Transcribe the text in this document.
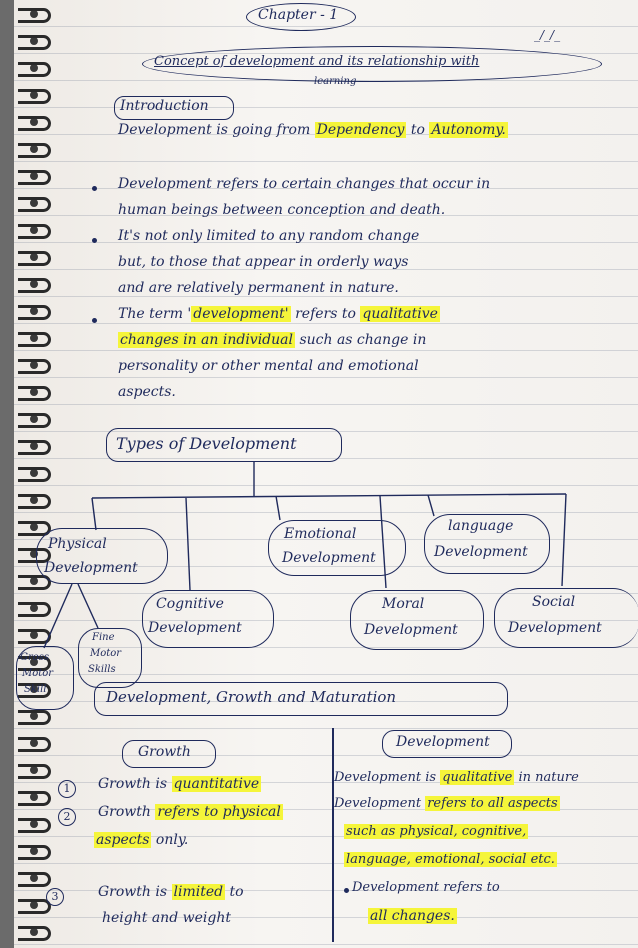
Chapter - 1
_/_/_
Concept of development and its relationship with
learning
Introduction
Development is going from Dependency to Autonomy.
Development refers to certain changes that occur in
human beings between conception and death.
It's not only limited to any random change
but, to those that appear in orderly ways
and are relatively permanent in nature.
The term ' development' refers to qualitative
changes in an individual such as change in
personality or other mental and emotional
aspects.
Types of Development
Physical
Development
Emotional
Development
language
Development
Cognitive
Development
Moral
Development
Social
Development
Gross
Motor
Skill
Fine
Motor
Skills
Development, Growth and Maturation
Growth
1	Growth is quantitative
2	Growth refers to physical
aspects only.
3	Growth is limited to
height and weight
Development
Development is qualitative in nature
Development refers to all aspects
such as physical, cognitive,
language, emotional, social etc.
Development refers to
all changes.
